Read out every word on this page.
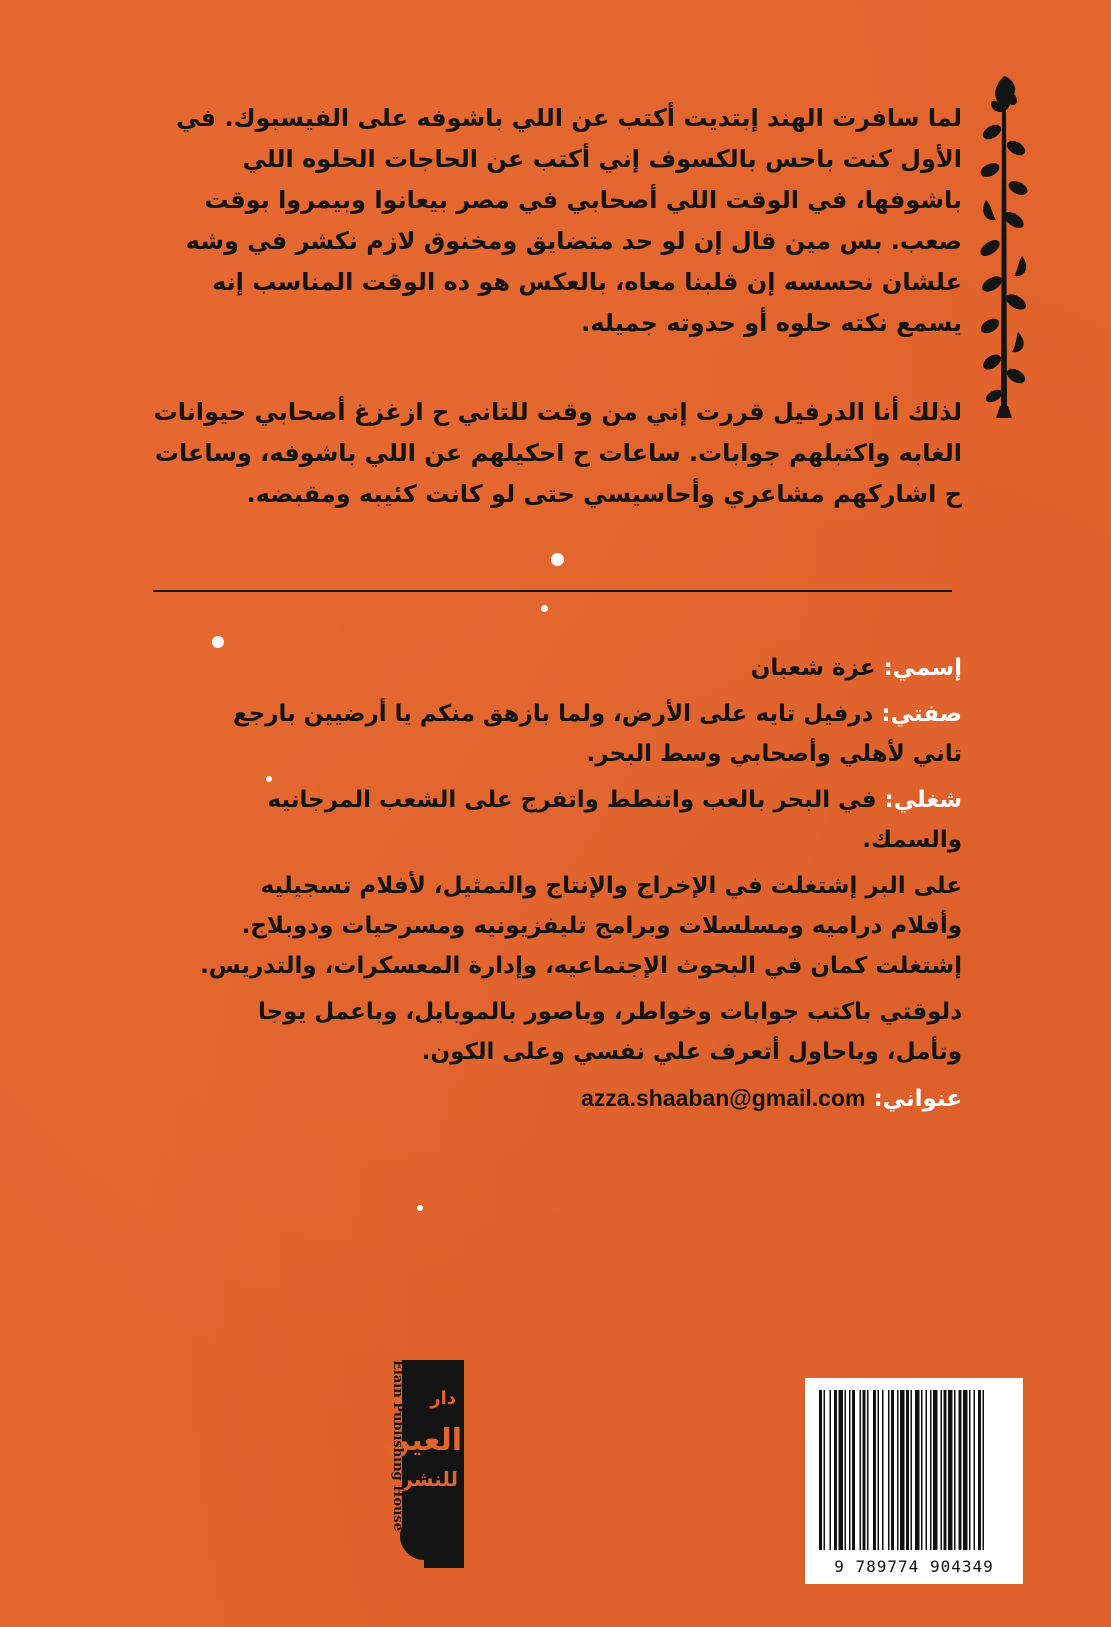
لما سافرت الهند إبتديت أكتب عن اللي باشوفه على الفيسبوك. في الأول كنت باحس بالكسوف إني أكتب عن الحاجات الحلوه اللي باشوفها، في الوقت اللي أصحابي في مصر بيعانوا وبيمروا بوقت صعب. بس مين قال إن لو حد متضايق ومخنوق لازم نكشر في وشه علشان نحسسه إن قلبنا معاه، بالعكس هو ده الوقت المناسب إنه يسمع نكته حلوه أو حدوته جميله.

لذلك أنا الدرفيل قررت إني من وقت للتاني ح ازغزغ أصحابي حيوانات الغابه واكتبلهم جوابات. ساعات ح احكيلهم عن اللي باشوفه، وساعات ح اشاركهم مشاعري وأحاسيسي حتى لو كانت كئيبه ومقبضه.

إسمي: عزة شعبان

صفتي: درفيل تايه على الأرض، ولما بازهق منكم يا أرضيين بارجع تاني لأهلي وأصحابي وسط البحر.

شغلي: في البحر بالعب واتنطط واتفرج على الشعب المرجانيه والسمك.

على البر إشتغلت في الإخراج والإنتاج والتمثيل، لأفلام تسجيليه وأفلام دراميه ومسلسلات وبرامج تليفزيونيه ومسرحيات ودوبلاج. إشتغلت كمان في البحوث الإجتماعيه، وإدارة المعسكرات، والتدريس.

دلوقتي باكتب جوابات وخواطر، وباصور بالموبايل، وباعمل يوجا وتأمل، وباحاول أتعرف علي نفسي وعلى الكون.

عنواني: azza.shaaban@gmail.com

دار
العين
للنشر
Elain Publishing House
9 789774 904349
